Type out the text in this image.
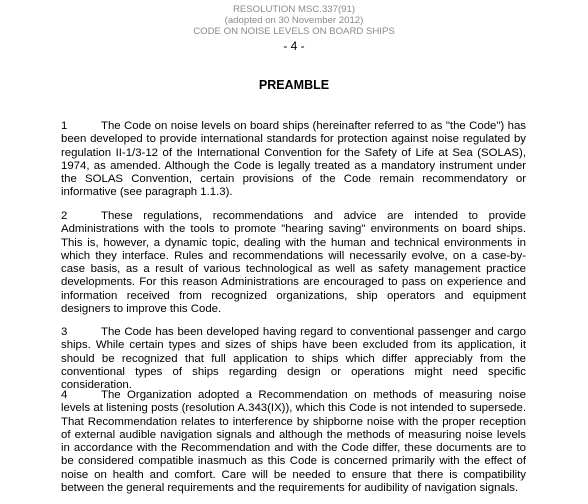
RESOLUTION MSC.337(91)
(adopted on 30 November 2012)
CODE ON NOISE LEVELS ON BOARD SHIPS
- 4 -
PREAMBLE

1	The Code on noise levels on board ships (hereinafter referred to as "the Code") has been developed to provide international standards for protection against noise regulated by regulation II-1/3-12 of the International Convention for the Safety of Life at Sea (SOLAS), 1974, as amended. Although the Code is legally treated as a mandatory instrument under the SOLAS Convention, certain provisions of the Code remain recommendatory or informative (see paragraph 1.1.3).

2	These regulations, recommendations and advice are intended to provide Administrations with the tools to promote "hearing saving" environments on board ships. This is, however, a dynamic topic, dealing with the human and technical environments in which they interface. Rules and recommendations will necessarily evolve, on a case-by-case basis, as a result of various technological as well as safety management practice developments. For this reason Administrations are encouraged to pass on experience and information received from recognized organizations, ship operators and equipment designers to improve this Code.

3	The Code has been developed having regard to conventional passenger and cargo ships. While certain types and sizes of ships have been excluded from its application, it should be recognized that full application to ships which differ appreciably from the conventional types of ships regarding design or operations might need specific consideration.

4	The Organization adopted a Recommendation on methods of measuring noise levels at listening posts (resolution A.343(IX)), which this Code is not intended to supersede. That Recommendation relates to interference by shipborne noise with the proper reception of external audible navigation signals and although the methods of measuring noise levels in accordance with the Recommendation and with the Code differ, these documents are to be considered compatible inasmuch as this Code is concerned primarily with the effect of noise on health and comfort. Care will be needed to ensure that there is compatibility between the general requirements and the requirements for audibility of navigation signals.
